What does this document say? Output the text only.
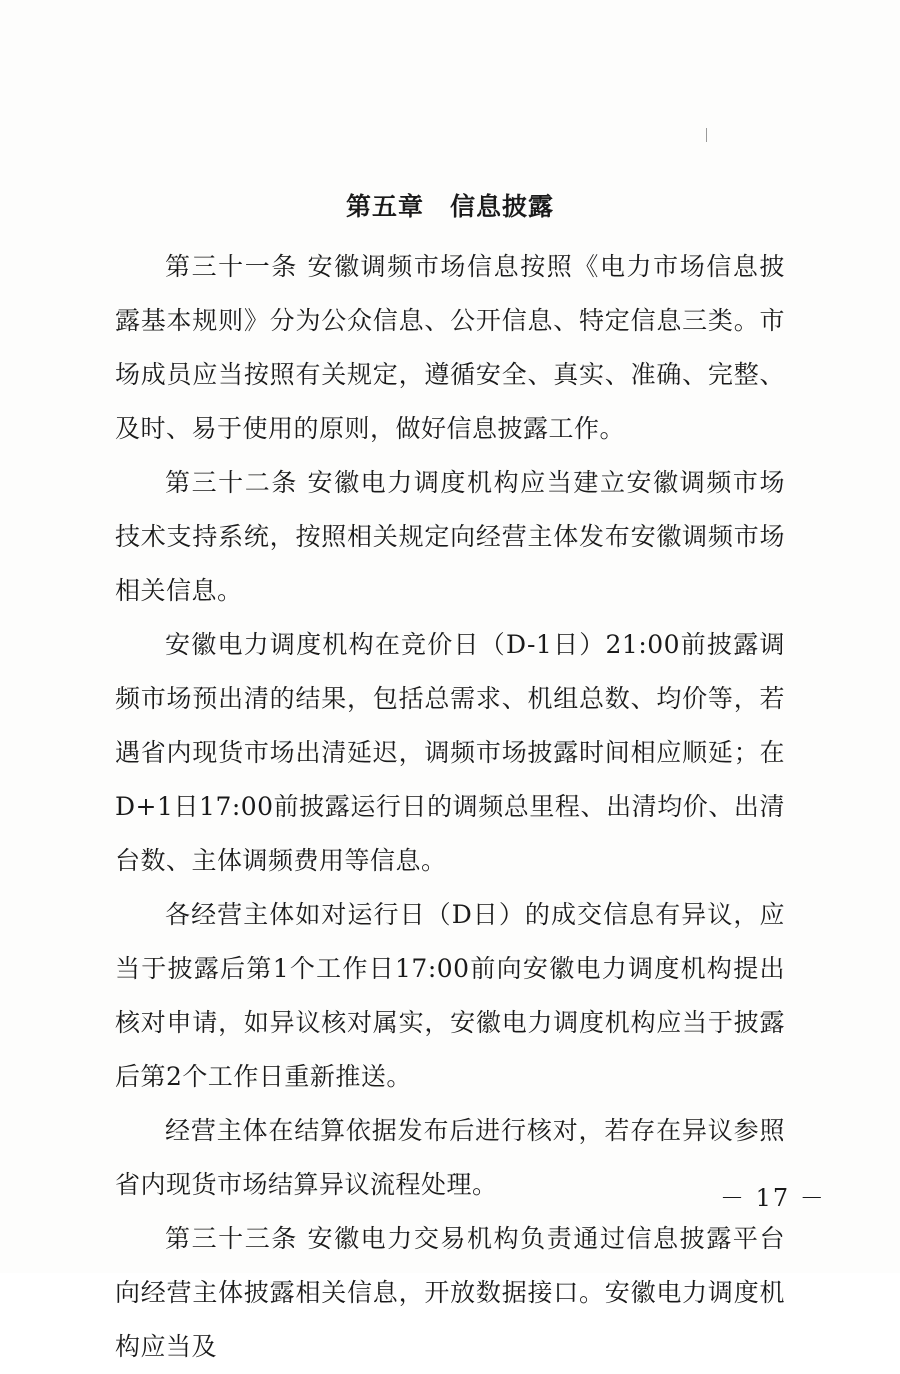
第五章　信息披露

第三十一条 安徽调频市场信息按照《电力市场信息披露基本规则》分为公众信息、公开信息、特定信息三类。市场成员应当按照有关规定，遵循安全、真实、准确、完整、及时、易于使用的原则，做好信息披露工作。

第三十二条 安徽电力调度机构应当建立安徽调频市场技术支持系统，按照相关规定向经营主体发布安徽调频市场相关信息。

安徽电力调度机构在竞价日（D-1日）21:00前披露调频市场预出清的结果，包括总需求、机组总数、均价等，若遇省内现货市场出清延迟，调频市场披露时间相应顺延；在D+1日17:00前披露运行日的调频总里程、出清均价、出清台数、主体调频费用等信息。

各经营主体如对运行日（D日）的成交信息有异议，应当于披露后第1个工作日17:00前向安徽电力调度机构提出核对申请，如异议核对属实，安徽电力调度机构应当于披露后第2个工作日重新推送。

经营主体在结算依据发布后进行核对，若存在异议参照省内现货市场结算异议流程处理。

第三十三条 安徽电力交易机构负责通过信息披露平台向经营主体披露相关信息，开放数据接口。安徽电力调度机构应当及

－ 17 －
